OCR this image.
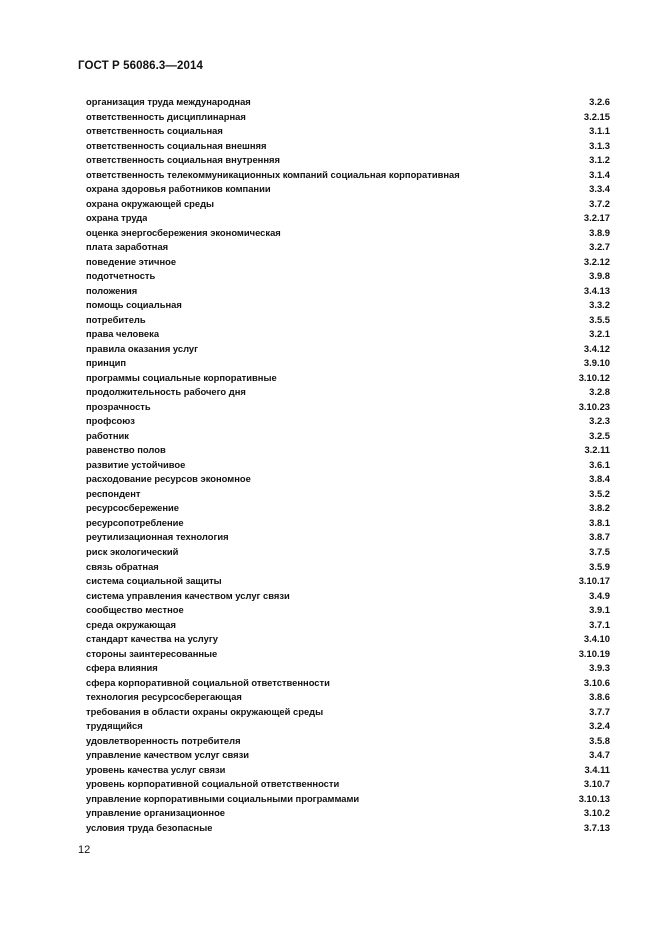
ГОСТ Р 56086.3—2014
организация труда международная	3.2.6
ответственность дисциплинарная	3.2.15
ответственность социальная	3.1.1
ответственность социальная внешняя	3.1.3
ответственность социальная внутренняя	3.1.2
ответственность телекоммуникационных компаний социальная корпоративная	3.1.4
охрана здоровья работников компании	3.3.4
охрана окружающей среды	3.7.2
охрана труда	3.2.17
оценка энергосбережения экономическая	3.8.9
плата заработная	3.2.7
поведение этичное	3.2.12
подотчетность	3.9.8
положения	3.4.13
помощь социальная	3.3.2
потребитель	3.5.5
права человека	3.2.1
правила оказания услуг	3.4.12
принцип	3.9.10
программы социальные корпоративные	3.10.12
продолжительность рабочего дня	3.2.8
прозрачность	3.10.23
профсоюз	3.2.3
работник	3.2.5
равенство полов	3.2.11
развитие устойчивое	3.6.1
расходование ресурсов экономное	3.8.4
респондент	3.5.2
ресурсосбережение	3.8.2
ресурсопотребление	3.8.1
реутилизационная технология	3.8.7
риск экологический	3.7.5
связь обратная	3.5.9
система социальной защиты	3.10.17
система управления качеством услуг связи	3.4.9
сообщество местное	3.9.1
среда окружающая	3.7.1
стандарт качества на услугу	3.4.10
стороны заинтересованные	3.10.19
сфера влияния	3.9.3
сфера корпоративной социальной ответственности	3.10.6
технология ресурсосберегающая	3.8.6
требования в области охраны окружающей среды	3.7.7
трудящийся	3.2.4
удовлетворенность потребителя	3.5.8
управление качеством услуг связи	3.4.7
уровень качества услуг связи	3.4.11
уровень корпоративной социальной ответственности	3.10.7
управление корпоративными социальными программами	3.10.13
управление организационное	3.10.2
условия труда безопасные	3.7.13
12
